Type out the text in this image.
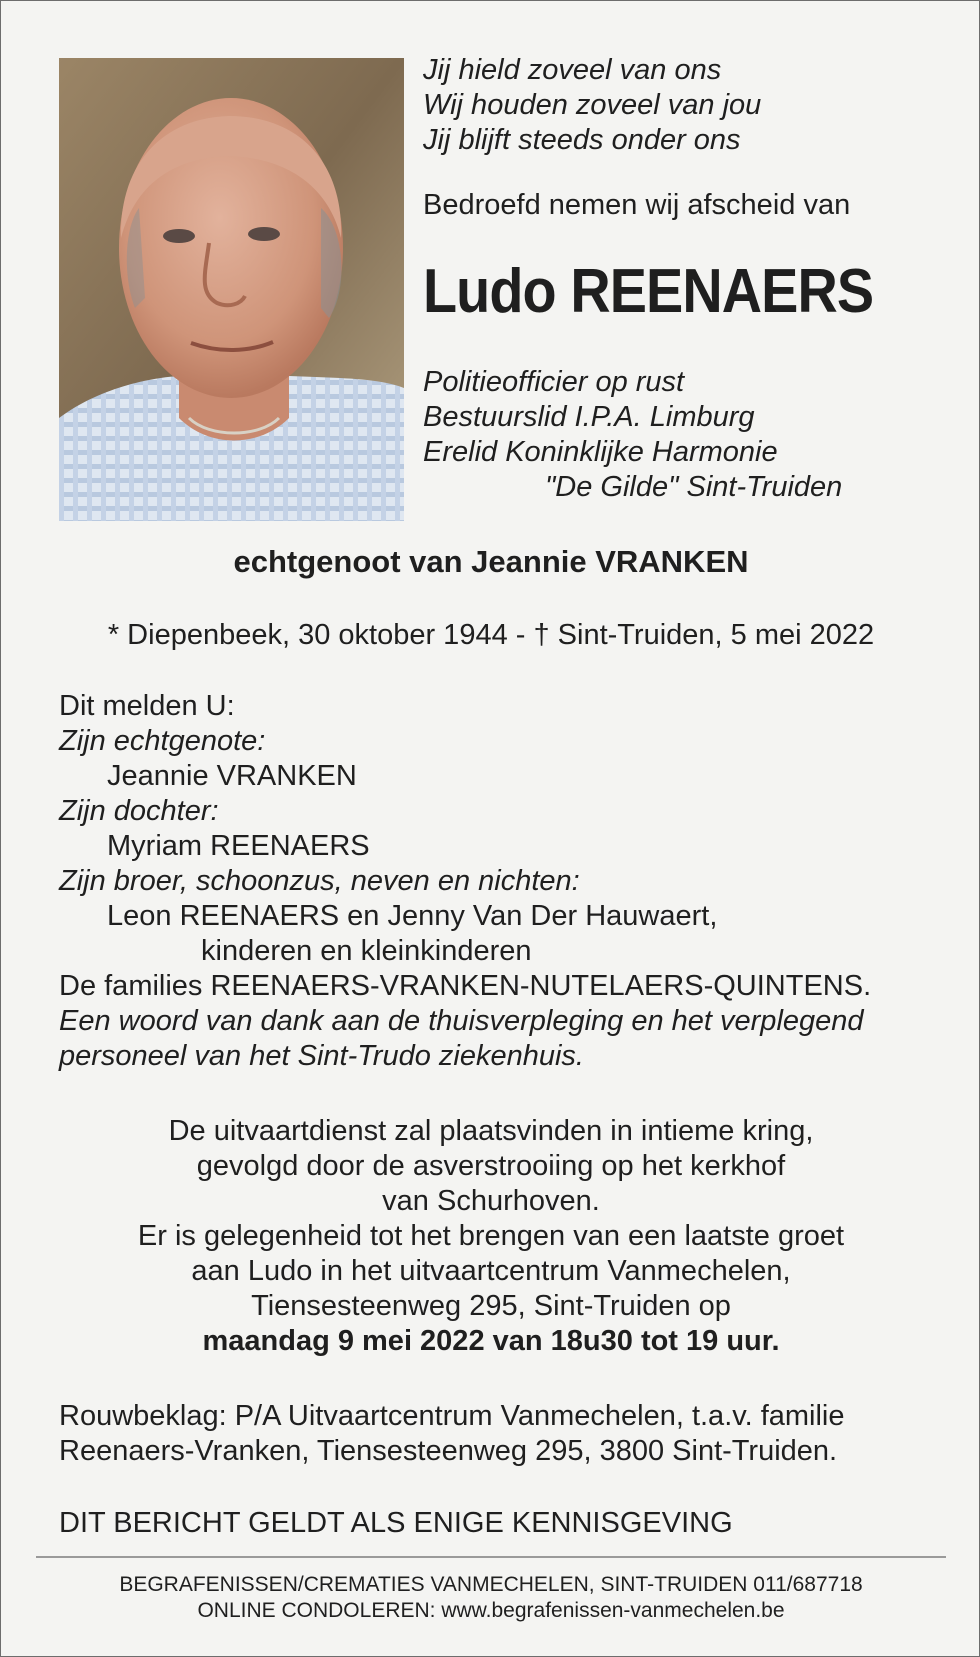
Jij hield zoveel van ons
Wij houden zoveel van jou
Jij blijft steeds onder ons
Bedroefd nemen wij afscheid van
Ludo REENAERS
Politieofficier op rust
Bestuurslid I.P.A. Limburg
Erelid Koninklijke Harmonie
"De Gilde" Sint-Truiden
echtgenoot van Jeannie VRANKEN
* Diepenbeek, 30 oktober 1944 - † Sint-Truiden, 5 mei 2022
Dit melden U:
Zijn echtgenote:
Jeannie VRANKEN
Zijn dochter:
Myriam REENAERS
Zijn broer, schoonzus, neven en nichten:
Leon REENAERS en Jenny Van Der Hauwaert,
kinderen en kleinkinderen
De families REENAERS-VRANKEN-NUTELAERS-QUINTENS.
Een woord van dank aan de thuisverpleging en het verplegend
personeel van het Sint-Trudo ziekenhuis.
De uitvaartdienst zal plaatsvinden in intieme kring,
gevolgd door de asverstrooiing op het kerkhof
van Schurhoven.
Er is gelegenheid tot het brengen van een laatste groet
aan Ludo in het uitvaartcentrum Vanmechelen,
Tiensesteenweg 295, Sint-Truiden op
maandag 9 mei 2022 van 18u30 tot 19 uur.
Rouwbeklag: P/A Uitvaartcentrum Vanmechelen, t.a.v. familie
Reenaers-Vranken, Tiensesteenweg 295, 3800 Sint-Truiden.
DIT BERICHT GELDT ALS ENIGE KENNISGEVING
BEGRAFENISSEN/CREMATIES VANMECHELEN, SINT-TRUIDEN 011/687718
ONLINE CONDOLEREN: www.begrafenissen-vanmechelen.be
